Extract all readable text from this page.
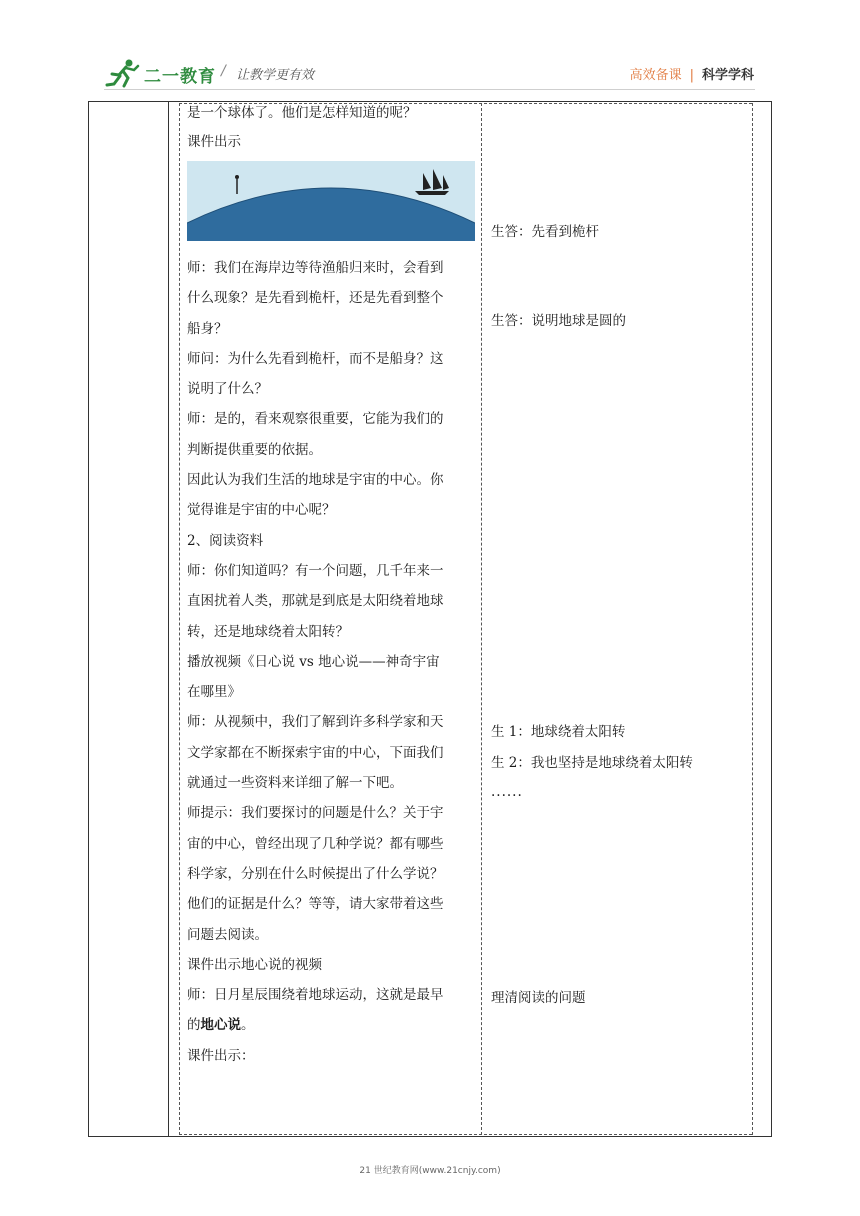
二一教育 / 让教学更有效	高效备课 | 科学学科

是一个球体了。他们是怎样知道的呢？

课件出示

师：我们在海岸边等待渔船归来时，会看到

什么现象？是先看到桅杆，还是先看到整个

船身？

师问：为什么先看到桅杆，而不是船身？这

说明了什么？

师：是的，看来观察很重要，它能为我们的

判断提供重要的依据。

因此认为我们生活的地球是宇宙的中心。你

觉得谁是宇宙的中心呢？

2、阅读资料

师：你们知道吗？有一个问题，几千年来一

直困扰着人类，那就是到底是太阳绕着地球

转，还是地球绕着太阳转？

播放视频《日心说 vs 地心说——神奇宇宙

在哪里》

师：从视频中，我们了解到许多科学家和天

文学家都在不断探索宇宙的中心，下面我们

就通过一些资料来详细了解一下吧。

师提示：我们要探讨的问题是什么？关于宇

宙的中心，曾经出现了几种学说？都有哪些

科学家，分别在什么时候提出了什么学说？

他们的证据是什么？等等，请大家带着这些

问题去阅读。

课件出示地心说的视频

师：日月星辰围绕着地球运动，这就是最早

的地心说。

课件出示：

生答：先看到桅杆
生答：说明地球是圆的
生 1：地球绕着太阳转
生 2：我也坚持是地球绕着太阳转
......
理清阅读的问题
21 世纪教育网(www.21cnjy.com)
